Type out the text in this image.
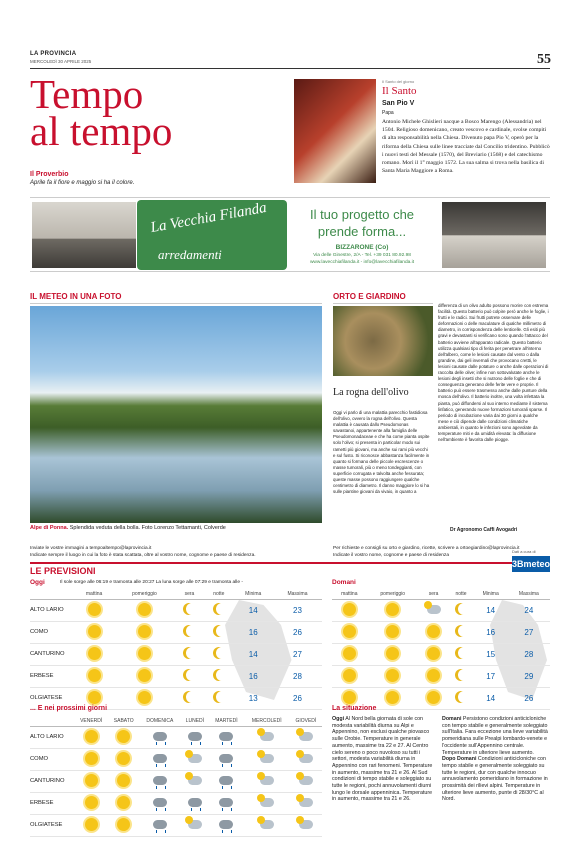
LA PROVINCIA
MERCOLEDÌ 30 APRILE 2025	55
Tempo
al tempo
Il Proverbio
Aprile fa il fiore e maggio si ha il colore.
Il Santo del giorno
Il Santo
San Pio V
Papa
Antonio Michele Ghislieri nacque a Bosco Marengo (Alessandria) nel 1504. Religioso domenicano, creato vescovo e cardinale, svolse compiti di alta responsabilità nella Chiesa. Divenuto papa Pio V, operò per la riforma della Chiesa sulle linee tracciate dal Concilio tridentino. Pubblicò i nuovi testi del Messale (1570), del Breviario (1568) e del catechismo romano. Morì il 1° maggio 1572. La sua salma si trova nella basilica di Santa Maria Maggiore a Roma.
La Vecchia Filanda
arredamenti
Il tuo progetto che prende forma...
BIZZARONE (Co)
Via delle Ginestre, 2/A - Tel. +39 031 80.92.98
www.lavecchiafilanda.it - info@lavecchiafilanda.it
IL METEO IN UNA FOTO
Alpe di Ponna. Splendida veduta della bolla. Foto Lorenzo Tettamanti, Colverde
Inviate le vostre immagini a tempoaltempo@laprovincia.it
Indicate sempre il luogo in cui la foto è stata scattata, oltre al vostro nome, cognome e paese di residenza.
ORTO E GIARDINO
La rogna dell'olivo
Oggi vi parlo di una malattia parecchio fastidiosa dell'olivo, ovvero la rogna dell'olivo. Questa malattia è causata dallo Pseudomonas savastanoi, appartenente alla famiglia delle Pseudomonadaceae e che ha come pianta ospite solo l'olivo; si presenta in particolar modo sui rametti più giovani, ma anche sui rami più vecchi e sul fusto. Si riconosce abbastanza facilmente in quanto si formano delle piccole escrescenze o masse tumorali, più o meno tondeggianti, con superficie corrugata e talvolta anche fessurata; queste masse possono raggiungere qualche centimetro di diametro. Il danno maggiore lo si ha sulle piantine giovani da vivaio, in quanto a
differenza di un olivo adulto possono morire con estrema facilità. Questo batterio può colpire però anche le foglie, i frutti e le radici. Sui frutti potrete osservare delle deformazioni o delle maculature di qualche millimetro di diametro, in corrispondenza delle lenticelle. Gli esiti più gravi e devastanti si verificano sono quando l'attacco del batterio avviene all'apparato radicale. Questo batterio utilizza qualsiasi tipo di ferita per penetrare all'interno dell'albero, come le lesioni causate dal vento o dalla grandine, dai geli invernali che provocano crettti, le lesioni causate dalle potature o anche dalle operazioni di raccolta delle olive; infine non sottovalutate anche le lesioni degli insetti che si nutrono delle foglie e che di conseguenza generano delle ferite vere e proprie. Il batterio può essere trasmesso anche dalle punture della mosca dell'olivo. Il batterio inoltre, una volta infettata la pianta, può diffondersi al suo interno mediante il sistema linfatico, generando nuove formazioni tumorali sparse. Il periodo di incubazione varia dai 30 giorni a qualche mese e ciò dipende dalle condizioni climatiche ambientali, in quanto le infezioni sono agevolate da temperature miti e da umidità elevata: la diffusione nell'ambiente è favorita dalle piogge.
Dr Agronomo Caffi Avogadri
Per richieste e consigli su orto e giardino, ricette, scrivere a ortoegiardino@laprovincia.it
Indicate il vostro nome, cognome e paese di residenza
LE PREVISIONI
Dati a cura di
3Bmeteo
Oggi	Il sole sorge alle 06:19 e tramonta alle 20:27 La luna sorge alle 07:29 e tramonta alle -	Domani
	mattina	pomeriggio	sera	notte	Minima	Massima
ALTO LARIO					14	23
COMO					16	26
CANTURINO					14	27
ERBESE					16	28
OLGIATESE					13	26
mattina	pomeriggio	sera	notte	Minima	Massima
				14	24
				16	27
				15	28
				17	29
				14	26
... E nei prossimi giorni
	VENERDÌ	SABATO	DOMENICA	LUNEDÌ	MARTEDÌ	MERCOLEDÌ	GIOVEDÌ
ALTO LARIO							
COMO							
CANTURINO							
ERBESE							
OLGIATESE							
La situazione
Oggi Al Nord bella giornata di sole con modesta variabilità diurna su Alpi e Appennino, non esclusi qualche piovasco sulle Orobie. Temperature in generale aumento, massime tra 22 e 27. Al Centro cielo sereno o poco nuvoloso su tutti i settori, modesta variabilità diurna in Appennino con rari fenomeni. Temperature in aumento, massime tra 21 e 26. Al Sud condizioni di tempo stabile e soleggiato su tutte le regioni, pochi annuvolamenti diurni lungo le dorsale appenninica. Temperature in aumento, massime tra 21 e 26.
Domani Persistono condizioni anticicloniche con tempo stabile e generalmente soleggiato sull'Italia. Fara eccezione una lieve variabilità pomeridiana sulle Prealpi lombardo-venete e l'occidente sull'Appennino centrale. Temperature in ulteriore lieve aumento.
Dopo Domani Condizioni anticicloniche con tempo stabile e generalmente soleggiato su tutte le regioni, dur con qualche innocuo annuvolamento pomeridiano in formazione in prossimità dei rilievi alpini. Temperature in ulteriore lieve aumento, punte di 28/30°C al Nord.
